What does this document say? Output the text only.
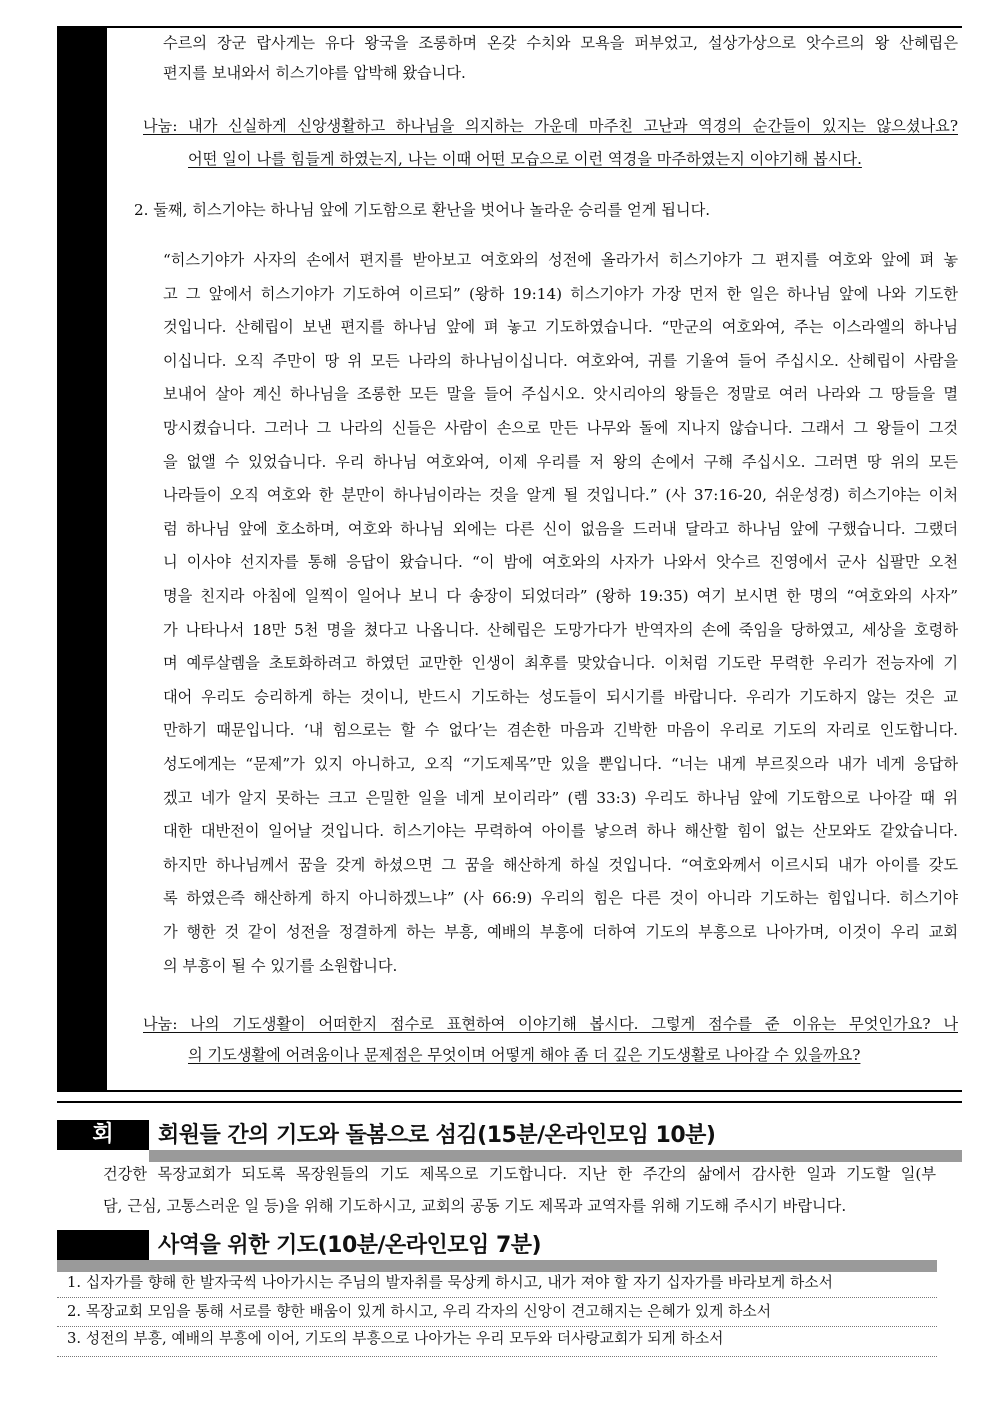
수르의 장군 랍사게는 유다 왕국을 조롱하며 온갖 수치와 모욕을 퍼부었고, 설상가상으로 앗수르의 왕 산헤립은
편지를 보내와서 히스기야를 압박해 왔습니다.
나눔: 내가 신실하게 신앙생활하고 하나님을 의지하는 가운데 마주친 고난과 역경의 순간들이 있지는 않으셨나요?
어떤 일이 나를 힘들게 하였는지, 나는 이때 어떤 모습으로 이런 역경을 마주하였는지 이야기해 봅시다.
2. 둘째, 히스기야는 하나님 앞에 기도함으로 환난을 벗어나 놀라운 승리를 얻게 됩니다.
“히스기야가 사자의 손에서 편지를 받아보고 여호와의 성전에 올라가서 히스기야가 그 편지를 여호와 앞에 펴 놓
고 그 앞에서 히스기야가 기도하여 이르되” (왕하 19:14) 히스기야가 가장 먼저 한 일은 하나님 앞에 나와 기도한
것입니다. 산헤립이 보낸 편지를 하나님 앞에 펴 놓고 기도하였습니다. “만군의 여호와여, 주는 이스라엘의 하나님
이십니다. 오직 주만이 땅 위 모든 나라의 하나님이십니다. 여호와여, 귀를 기울여 들어 주십시오. 산헤립이 사람을
보내어 살아 계신 하나님을 조롱한 모든 말을 들어 주십시오. 앗시리아의 왕들은 정말로 여러 나라와 그 땅들을 멸
망시켰습니다. 그러나 그 나라의 신들은 사람이 손으로 만든 나무와 돌에 지나지 않습니다. 그래서 그 왕들이 그것
을 없앨 수 있었습니다. 우리 하나님 여호와여, 이제 우리를 저 왕의 손에서 구해 주십시오. 그러면 땅 위의 모든
나라들이 오직 여호와 한 분만이 하나님이라는 것을 알게 될 것입니다.” (사 37:16-20, 쉬운성경) 히스기야는 이처
럼 하나님 앞에 호소하며, 여호와 하나님 외에는 다른 신이 없음을 드러내 달라고 하나님 앞에 구했습니다. 그랬더
니 이사야 선지자를 통해 응답이 왔습니다. “이 밤에 여호와의 사자가 나와서 앗수르 진영에서 군사 십팔만 오천
명을 친지라 아침에 일찍이 일어나 보니 다 송장이 되었더라” (왕하 19:35) 여기 보시면 한 명의 “여호와의 사자”
가 나타나서 18만 5천 명을 쳤다고 나옵니다. 산헤립은 도망가다가 반역자의 손에 죽임을 당하였고, 세상을 호령하
며 예루살렘을 초토화하려고 하였던 교만한 인생이 최후를 맞았습니다. 이처럼 기도란 무력한 우리가 전능자에 기
대어 우리도 승리하게 하는 것이니, 반드시 기도하는 성도들이 되시기를 바랍니다. 우리가 기도하지 않는 것은 교
만하기 때문입니다. ‘내 힘으로는 할 수 없다’는 겸손한 마음과 긴박한 마음이 우리로 기도의 자리로 인도합니다.
성도에게는 “문제”가 있지 아니하고, 오직 “기도제목”만 있을 뿐입니다. “너는 내게 부르짖으라 내가 네게 응답하
겠고 네가 알지 못하는 크고 은밀한 일을 네게 보이리라” (렘 33:3) 우리도 하나님 앞에 기도함으로 나아갈 때 위
대한 대반전이 일어날 것입니다. 히스기야는 무력하여 아이를 낳으려 하나 해산할 힘이 없는 산모와도 같았습니다.
하지만 하나님께서 꿈을 갖게 하셨으면 그 꿈을 해산하게 하실 것입니다. “여호와께서 이르시되 내가 아이를 갖도
록 하였은즉 해산하게 하지 아니하겠느냐” (사 66:9) 우리의 힘은 다른 것이 아니라 기도하는 힘입니다. 히스기야
가 행한 것 같이 성전을 정결하게 하는 부흥, 예배의 부흥에 더하여 기도의 부흥으로 나아가며, 이것이 우리 교회
의 부흥이 될 수 있기를 소원합니다.
나눔: 나의 기도생활이 어떠한지 점수로 표현하여 이야기해 봅시다. 그렇게 점수를 준 이유는 무엇인가요? 나
의 기도생활에 어려움이나 문제점은 무엇이며 어떻게 해야 좀 더 깊은 기도생활로 나아갈 수 있을까요?
회	회원들 간의 기도와 돌봄으로 섬김(15분/온라인모임 10분)
건강한 목장교회가 되도록 목장원들의 기도 제목으로 기도합니다. 지난 한 주간의 삶에서 감사한 일과 기도할 일(부
담, 근심, 고통스러운 일 등)을 위해 기도하시고, 교회의 공동 기도 제목과 교역자를 위해 기도해 주시기 바랍니다.
사역을 위한 기도(10분/온라인모임 7분)
1. 십자가를 향해 한 발자국씩 나아가시는 주님의 발자취를 묵상케 하시고, 내가 져야 할 자기 십자가를 바라보게 하소서
2. 목장교회 모임을 통해 서로를 향한 배움이 있게 하시고, 우리 각자의 신앙이 견고해지는 은혜가 있게 하소서
3. 성전의 부흥, 예배의 부흥에 이어, 기도의 부흥으로 나아가는 우리 모두와 더사랑교회가 되게 하소서
